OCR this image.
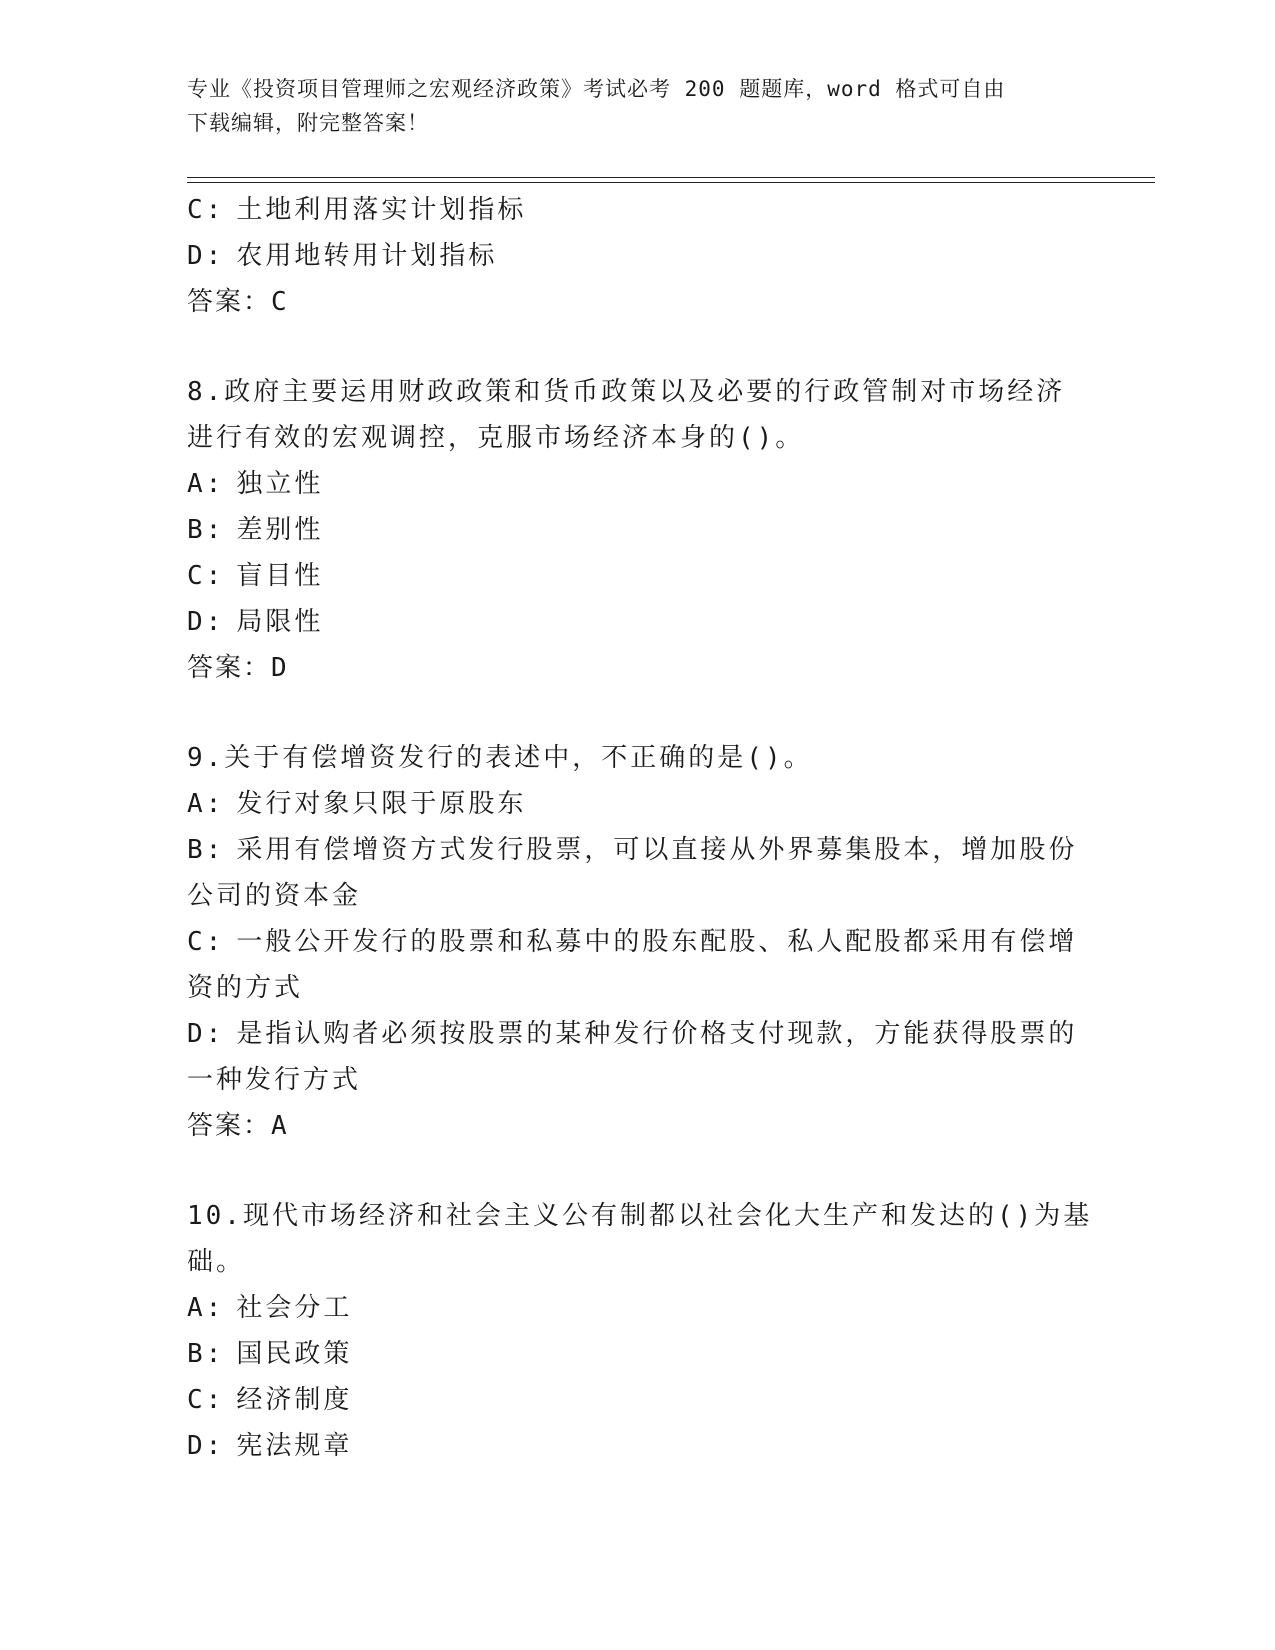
专业《投资项目管理师之宏观经济政策》考试必考 200 题题库，word 格式可自由
下载编辑，附完整答案！
C: 土地利用落实计划指标
D: 农用地转用计划指标
答案：C
8.政府主要运用财政政策和货币政策以及必要的行政管制对市场经济
进行有效的宏观调控，克服市场经济本身的()。
A: 独立性
B: 差别性
C: 盲目性
D: 局限性
答案：D
9.关于有偿增资发行的表述中，不正确的是()。
A: 发行对象只限于原股东
B: 采用有偿增资方式发行股票，可以直接从外界募集股本，增加股份
公司的资本金
C: 一般公开发行的股票和私募中的股东配股、私人配股都采用有偿增
资的方式
D: 是指认购者必须按股票的某种发行价格支付现款，方能获得股票的
一种发行方式
答案：A
10.现代市场经济和社会主义公有制都以社会化大生产和发达的()为基
础。
A: 社会分工
B: 国民政策
C: 经济制度
D: 宪法规章
